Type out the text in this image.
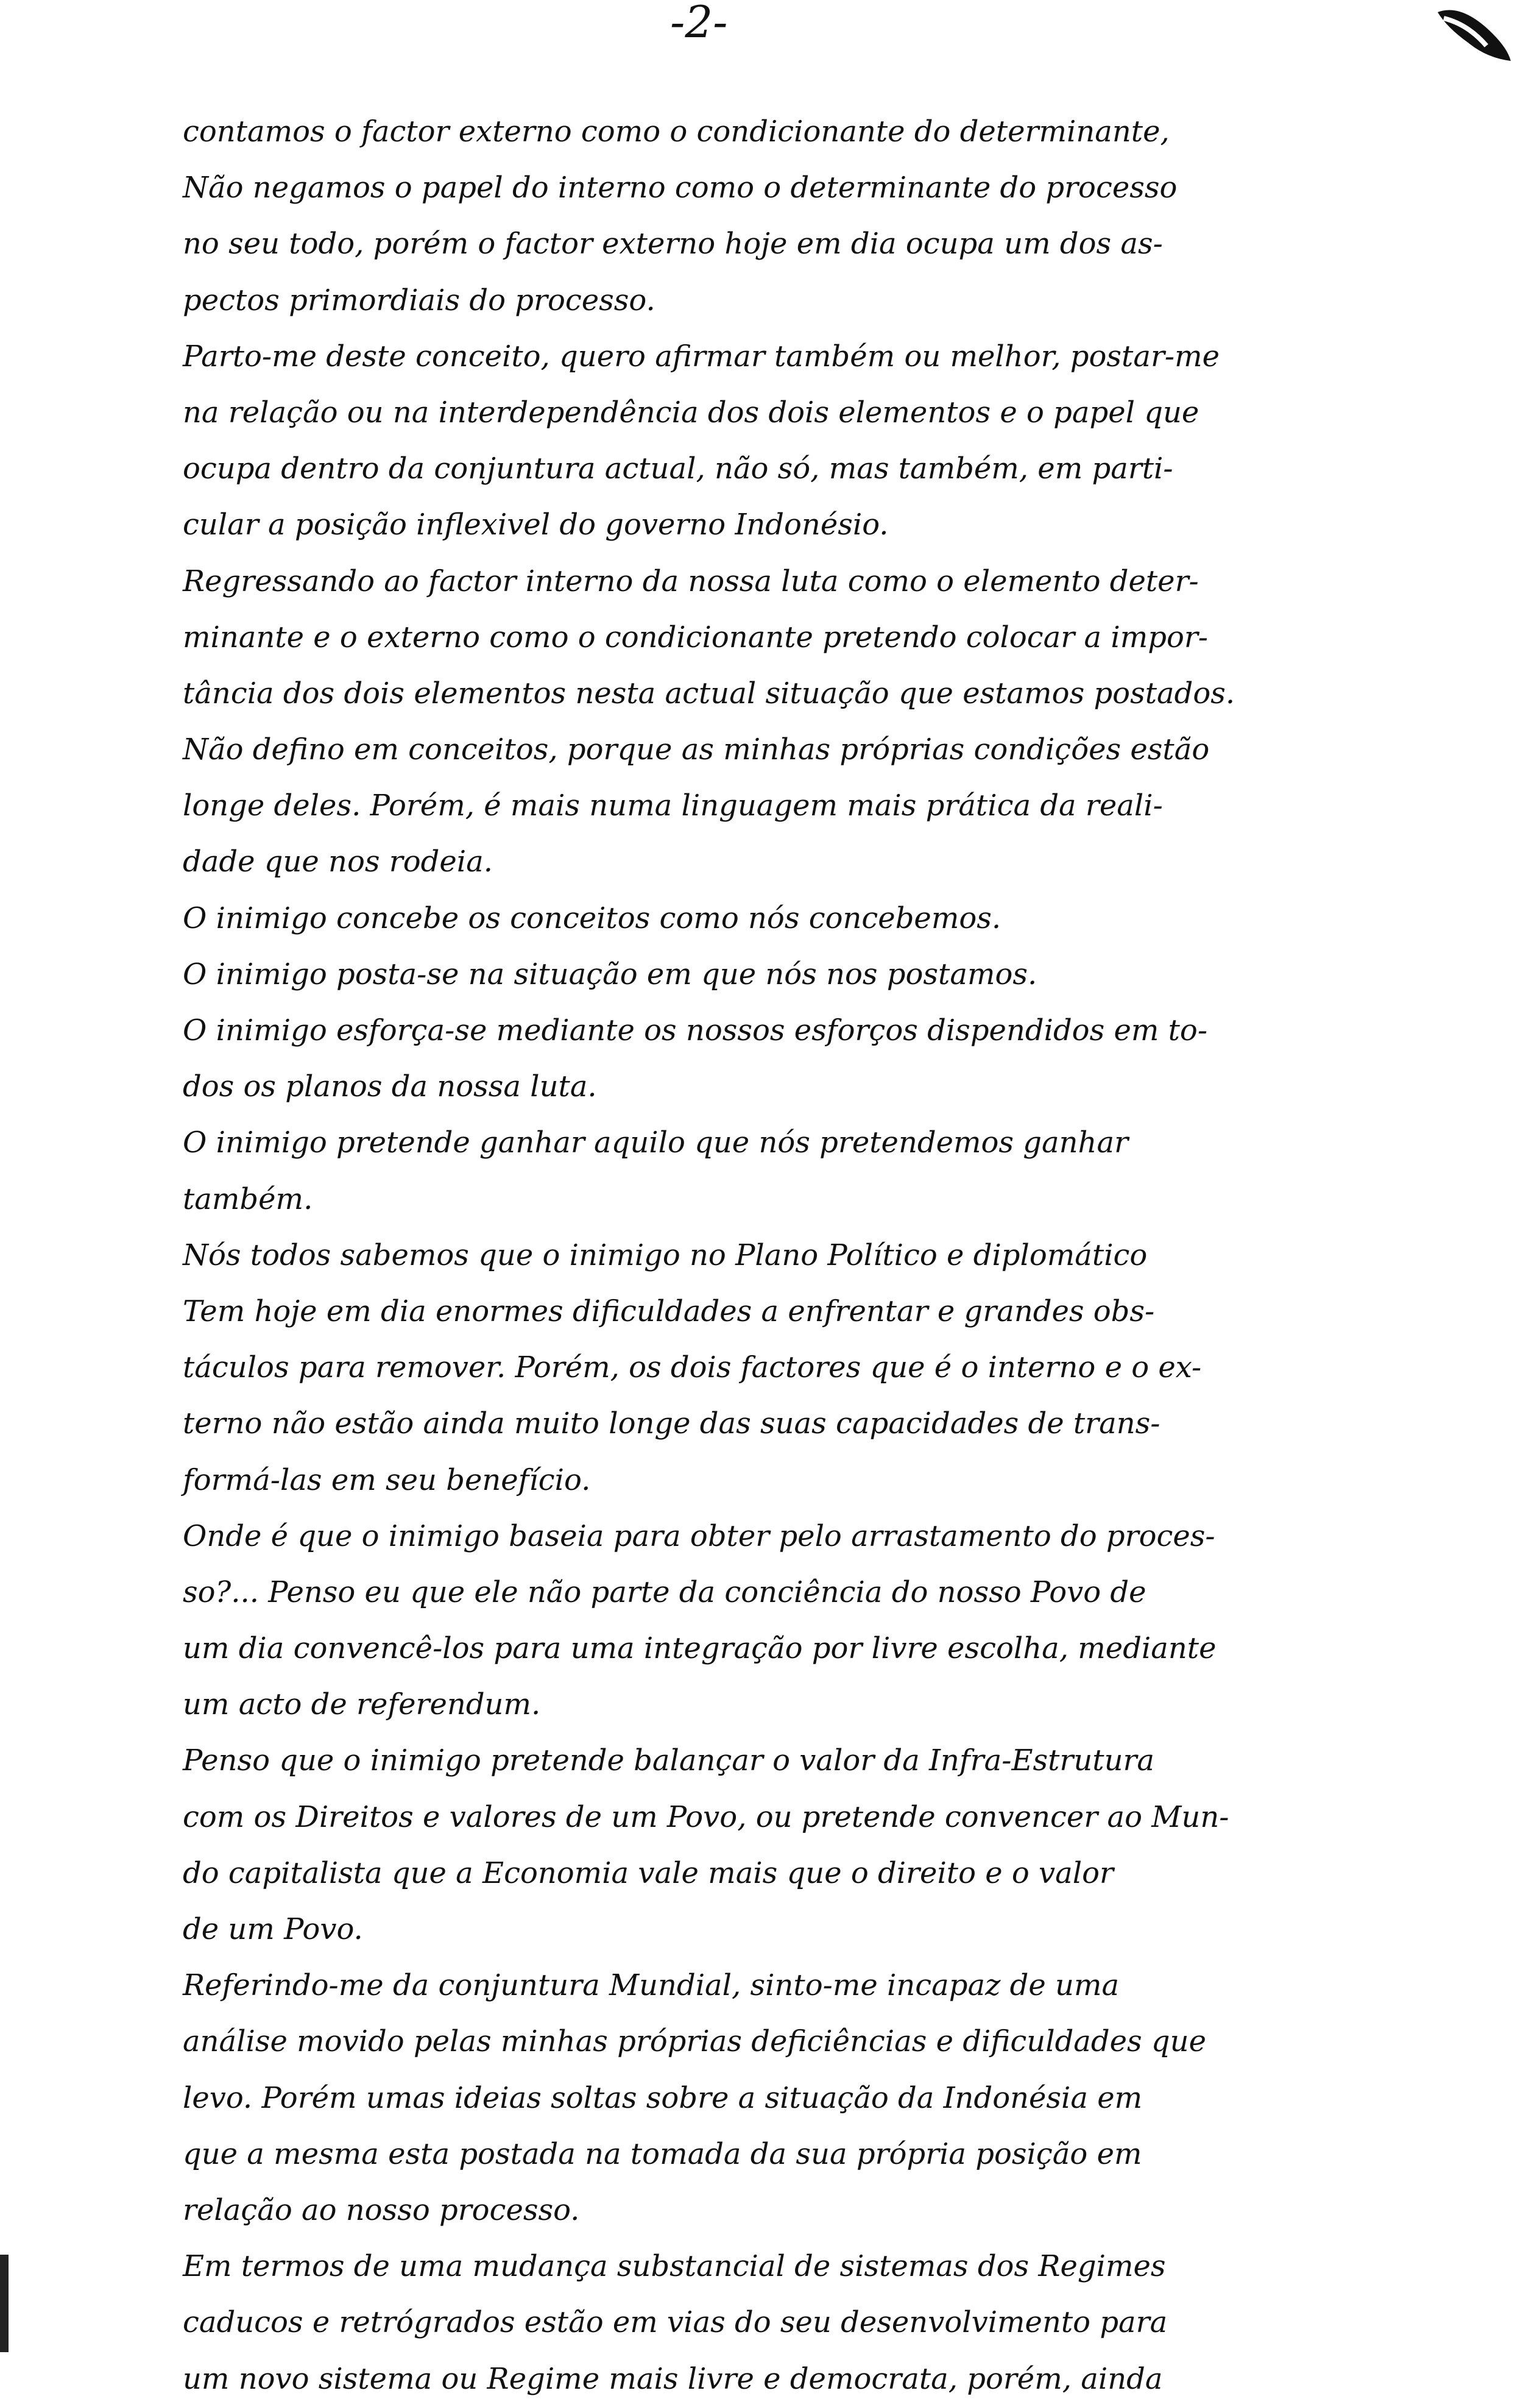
-2-
contamos o factor externo como o condicionante do determinante,
Não negamos o papel do interno como o determinante do processo
no seu todo, porém o factor externo hoje em dia ocupa um dos as-
pectos primordiais do processo.
Parto-me deste conceito, quero afirmar também ou melhor, postar-me
na relação ou na interdependência dos dois elementos e o papel que
ocupa dentro da conjuntura actual, não só, mas também, em parti-
cular a posição inflexivel do governo Indonésio.
Regressando ao factor interno da nossa luta como o elemento deter-
minante e o externo como o condicionante pretendo colocar a impor-
tância dos dois elementos nesta actual situação que estamos postados.
Não defino em conceitos, porque as minhas próprias condições estão
longe deles. Porém, é mais numa linguagem mais prática da reali-
dade que nos rodeia.
O inimigo concebe os conceitos como nós concebemos.
O inimigo posta-se na situação em que nós nos postamos.
O inimigo esforça-se mediante os nossos esforços dispendidos em to-
dos os planos da nossa luta.
O inimigo pretende ganhar aquilo que nós pretendemos ganhar
também.
Nós todos sabemos que o inimigo no Plano Político e diplomático
Tem hoje em dia enormes dificuldades a enfrentar e grandes obs-
táculos para remover. Porém, os dois factores que é o interno e o ex-
terno não estão ainda muito longe das suas capacidades de trans-
formá-las em seu benefício.
Onde é que o inimigo baseia para obter pelo arrastamento do proces-
so?... Penso eu que ele não parte da conciência do nosso Povo de
um dia convencê-los para uma integração por livre escolha, mediante
um acto de referendum.
Penso que o inimigo pretende balançar o valor da Infra-Estrutura
com os Direitos e valores de um Povo, ou pretende convencer ao Mun-
do capitalista que a Economia vale mais que o direito e o valor
de um Povo.
Referindo-me da conjuntura Mundial, sinto-me incapaz de uma
análise movido pelas minhas próprias deficiências e dificuldades que
levo. Porém umas ideias soltas sobre a situação da Indonésia em
que a mesma esta postada na tomada da sua própria posição em
relação ao nosso processo.
Em termos de uma mudança substancial de sistemas dos Regimes
caducos e retrógrados estão em vias do seu desenvolvimento para
um novo sistema ou Regime mais livre e democrata, porém, ainda
